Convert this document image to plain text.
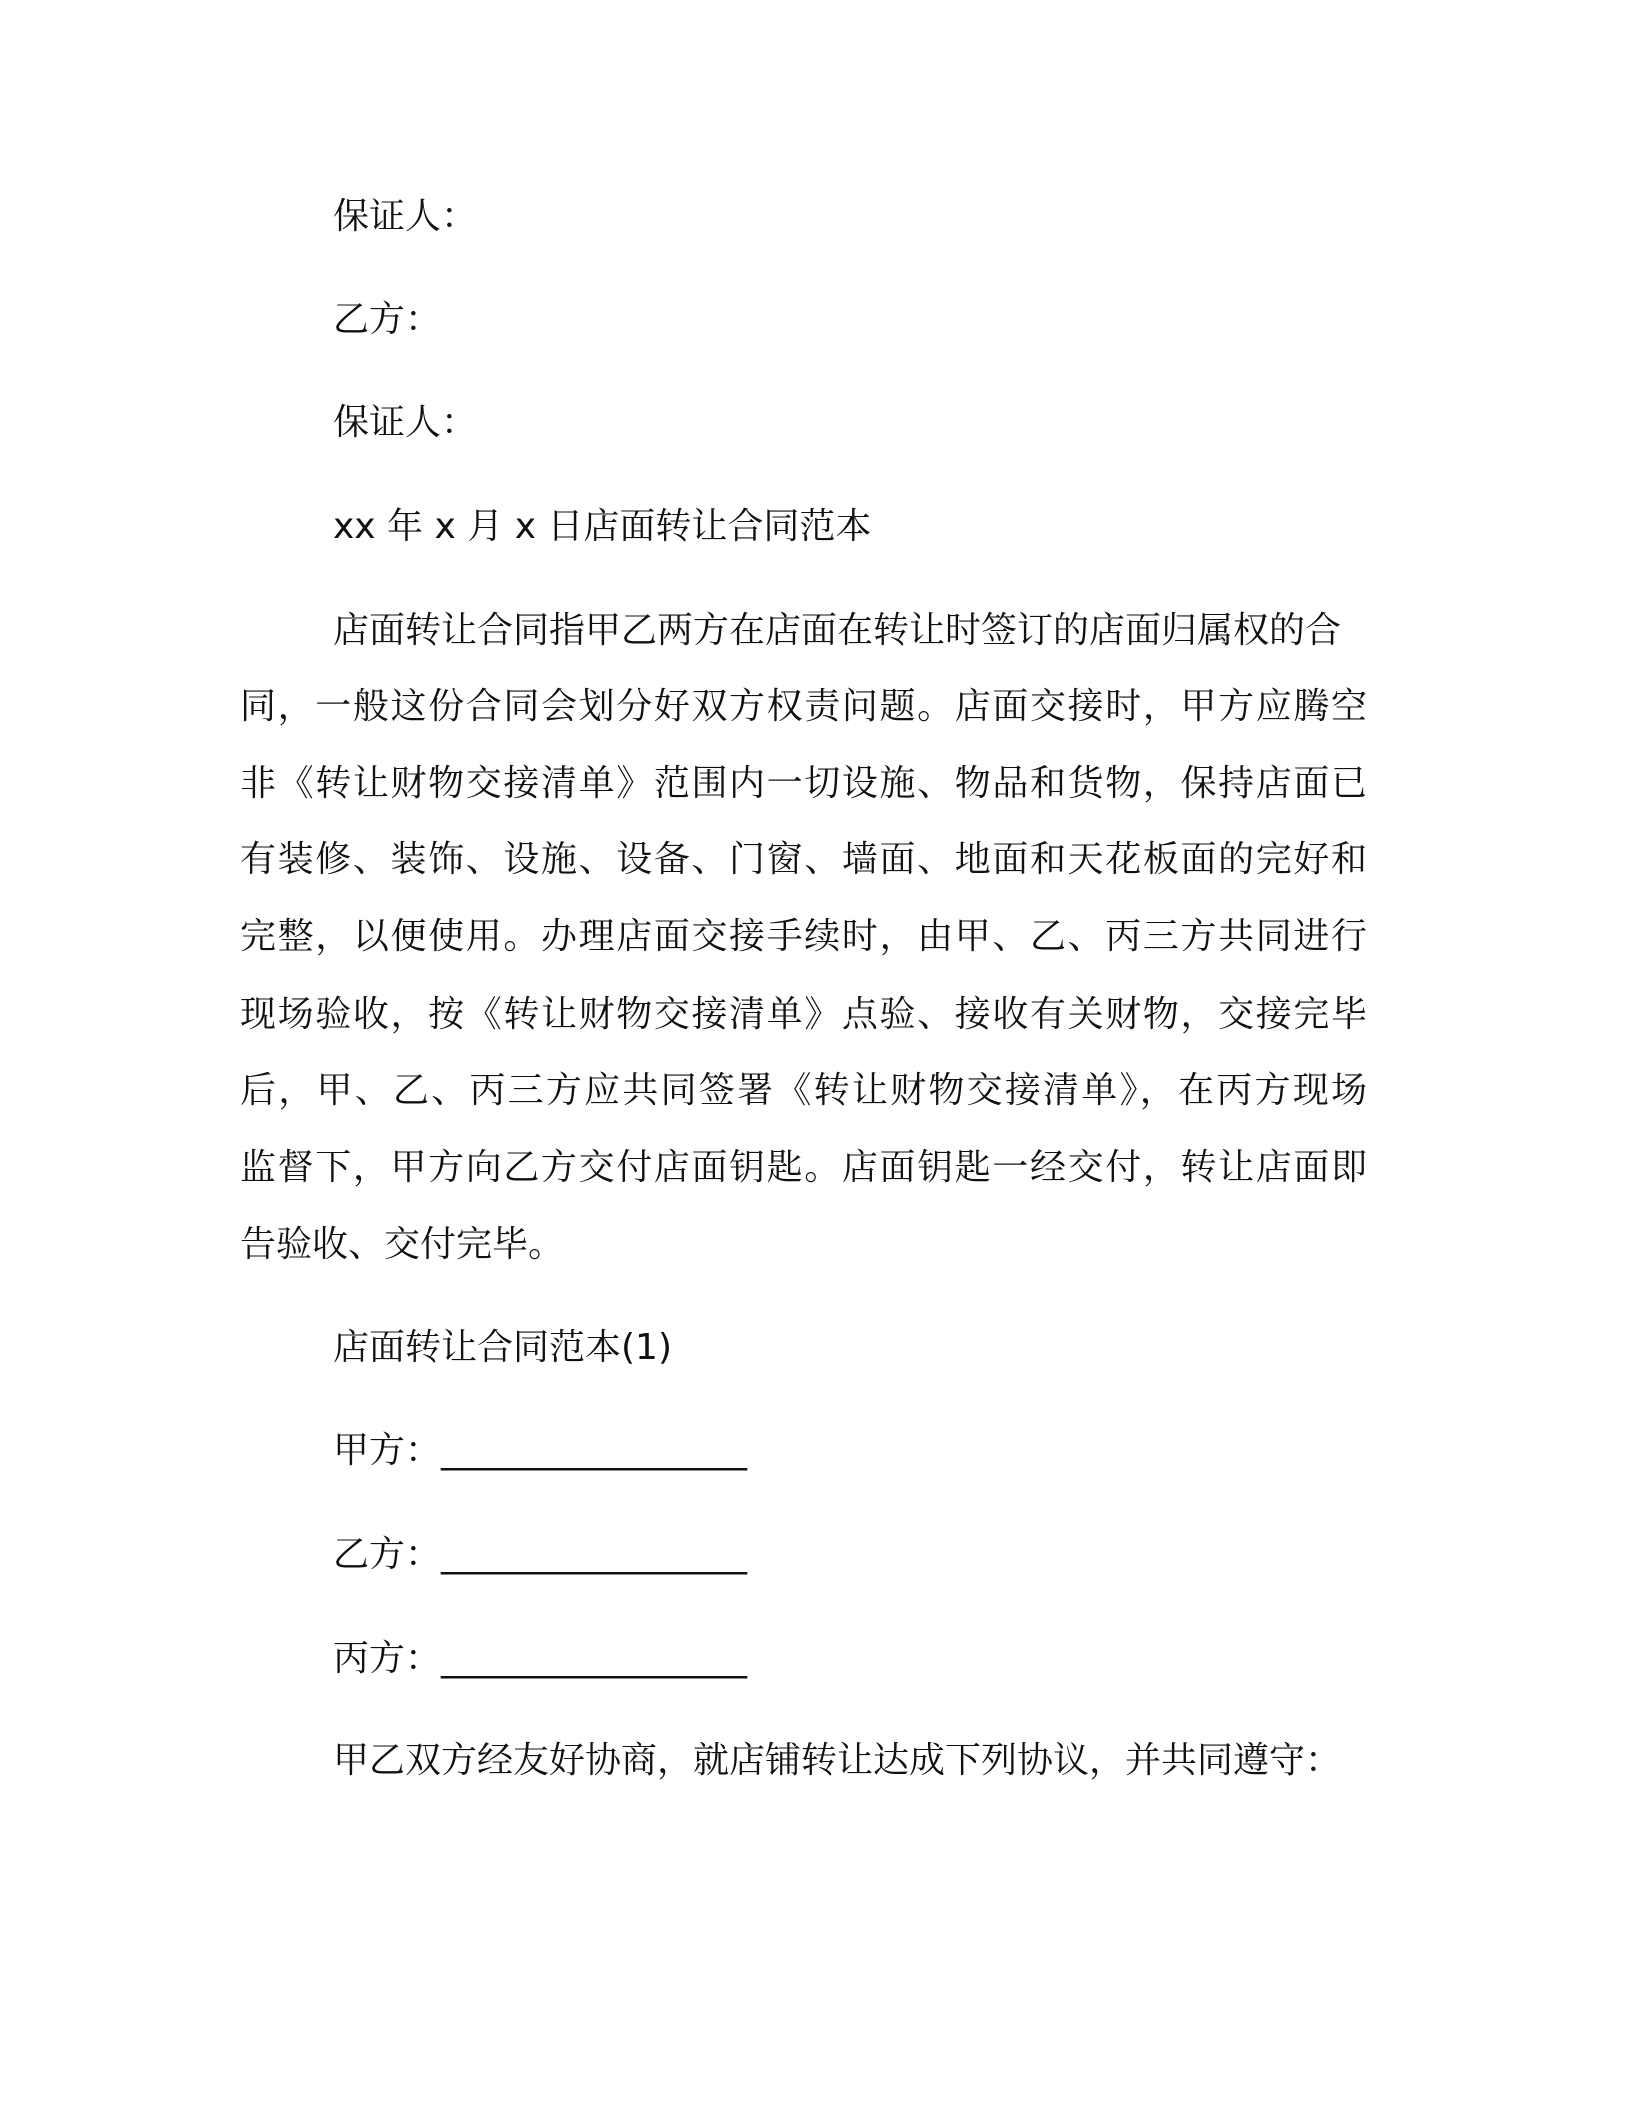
保证人：
乙方：
保证人：
xx 年 x 月 x 日店面转让合同范本
店面转让合同指甲乙两方在店面在转让时签订的店面归属权的合
同，一般这份合同会划分好双方权责问题。店面交接时，甲方应腾空
非《转让财物交接清单》范围内一切设施、物品和货物，保持店面已
有装修、装饰、设施、设备、门窗、墙面、地面和天花板面的完好和
完整，以便使用。办理店面交接手续时，由甲、乙、丙三方共同进行
现场验收，按《转让财物交接清单》点验、接收有关财物，交接完毕
后，甲、乙、丙三方应共同签署《转让财物交接清单》，在丙方现场
监督下，甲方向乙方交付店面钥匙。店面钥匙一经交付，转让店面即
告验收、交付完毕。
店面转让合同范本(1)
甲方：_________________
乙方：_________________
丙方：_________________
甲乙双方经友好协商，就店铺转让达成下列协议，并共同遵守：
